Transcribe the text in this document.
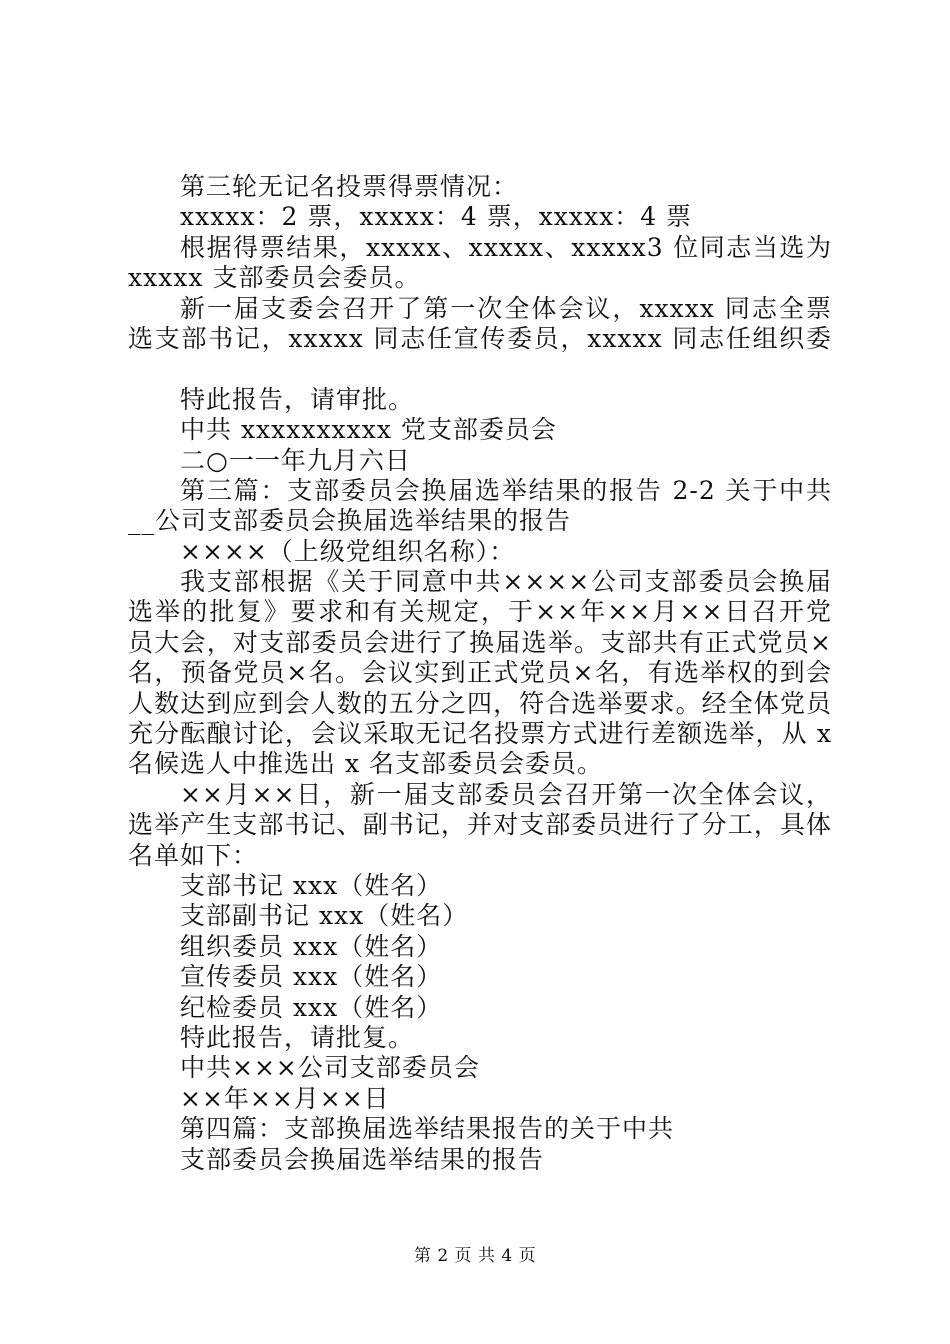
第三轮无记名投票得票情况：
xxxxx：2 票，xxxxx：4 票，xxxxx：4 票
根据得票结果，xxxxx、xxxxx、xxxxx3 位同志当选为
xxxxx 支部委员会委员。
新一届支委会召开了第一次全体会议，xxxxx 同志全票
选支部书记，xxxxx 同志任宣传委员，xxxxx 同志任组织委
特此报告，请审批。
中共 xxxxxxxxxx 党支部委员会
二○一一年九月六日
第三篇：支部委员会换届选举结果的报告 2-2 关于中共
__公司支部委员会换届选举结果的报告
××××（上级党组织名称）：
我支部根据《关于同意中共××××公司支部委员会换届
选举的批复》要求和有关规定，于××年××月××日召开党
员大会，对支部委员会进行了换届选举。支部共有正式党员×
名，预备党员×名。会议实到正式党员×名，有选举权的到会
人数达到应到会人数的五分之四，符合选举要求。经全体党员
充分酝酿讨论，会议采取无记名投票方式进行差额选举，从 x
名候选人中推选出 x 名支部委员会委员。
××月××日，新一届支部委员会召开第一次全体会议，
选举产生支部书记、副书记，并对支部委员进行了分工，具体
名单如下：
支部书记 xxx（姓名）
支部副书记 xxx（姓名）
组织委员 xxx（姓名）
宣传委员 xxx（姓名）
纪检委员 xxx（姓名）
特此报告，请批复。
中共×××公司支部委员会
××年××月××日
第四篇：支部换届选举结果报告的关于中共
支部委员会换届选举结果的报告
第 2 页 共 4 页
